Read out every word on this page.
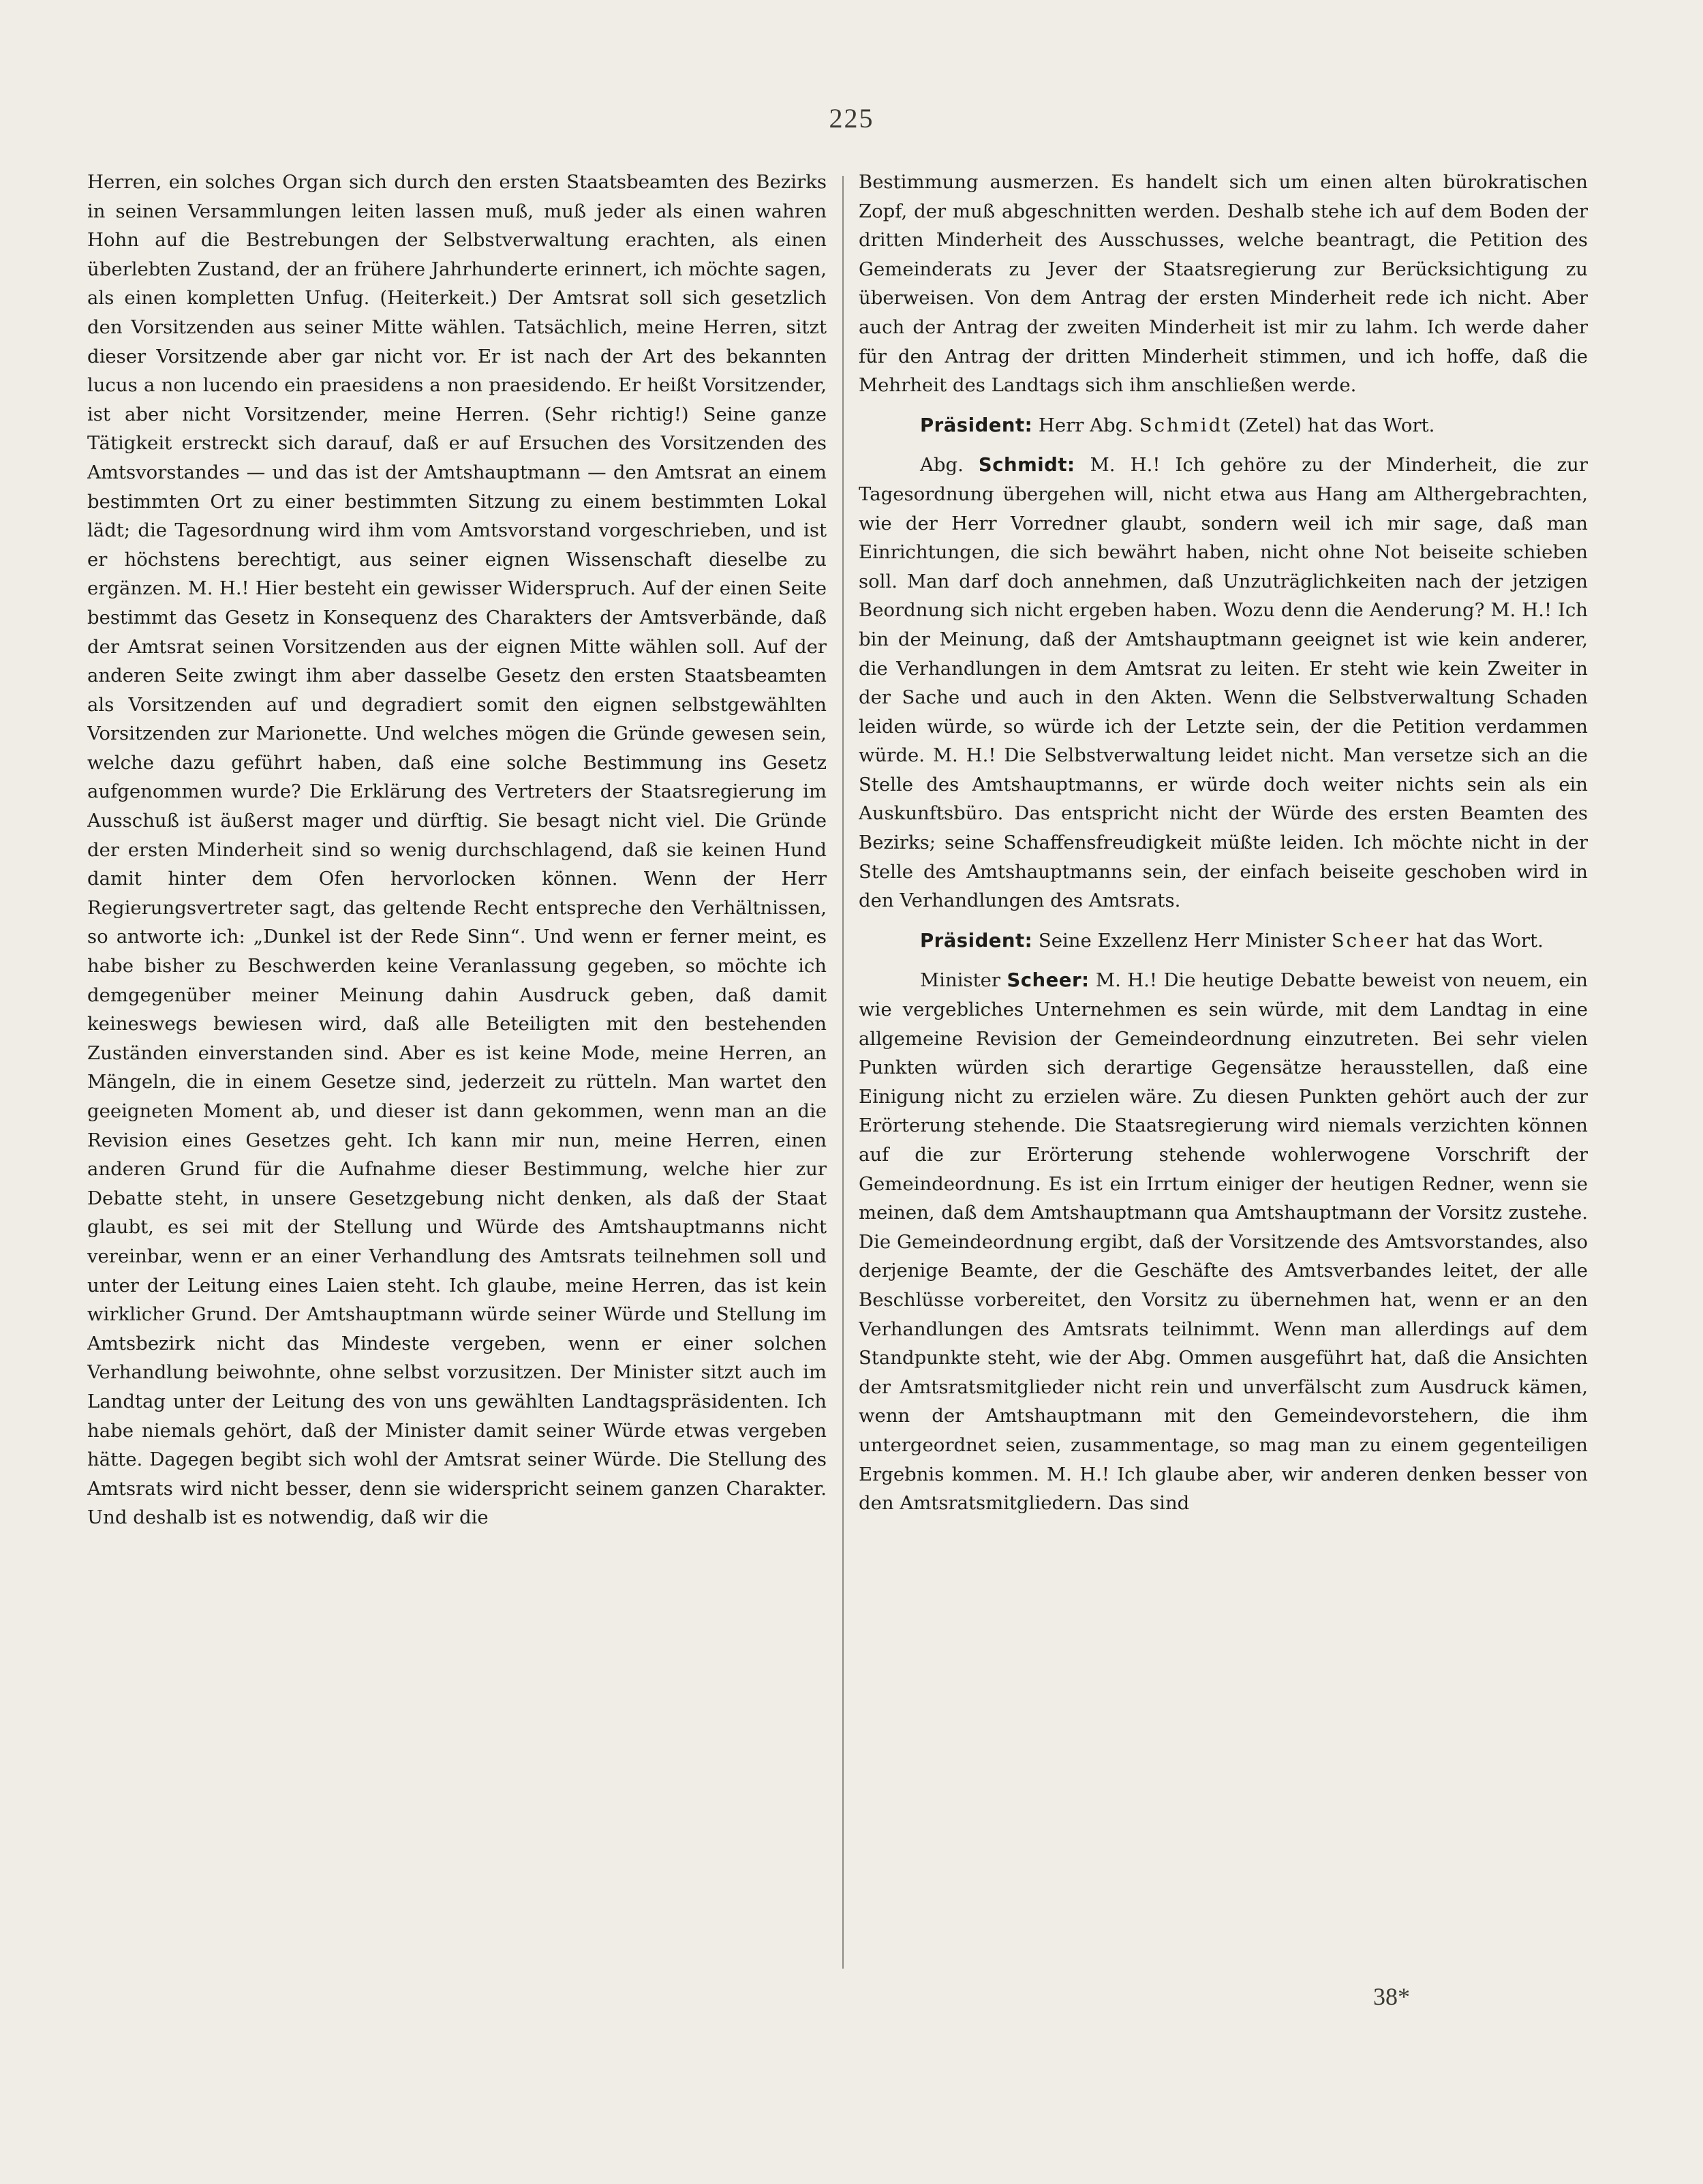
225

Herren, ein solches Organ sich durch den ersten Staatsbeamten des Bezirks in seinen Versammlungen leiten lassen muß, muß jeder als einen wahren Hohn auf die Bestrebungen der Selbstverwaltung erachten, als einen überlebten Zustand, der an frühere Jahrhunderte erinnert, ich möchte sagen, als einen kompletten Unfug. (Heiterkeit.) Der Amtsrat soll sich gesetzlich den Vorsitzenden aus seiner Mitte wählen. Tatsächlich, meine Herren, sitzt dieser Vorsitzende aber gar nicht vor. Er ist nach der Art des bekannten lucus a non lucendo ein praesidens a non praesidendo. Er heißt Vorsitzender, ist aber nicht Vorsitzender, meine Herren. (Sehr richtig!) Seine ganze Tätigkeit erstreckt sich darauf, daß er auf Ersuchen des Vorsitzenden des Amtsvorstandes — und das ist der Amtshauptmann — den Amtsrat an einem bestimmten Ort zu einer bestimmten Sitzung zu einem bestimmten Lokal lädt; die Tagesordnung wird ihm vom Amtsvorstand vorgeschrieben, und ist er höchstens berechtigt, aus seiner eignen Wissenschaft dieselbe zu ergänzen. M. H.! Hier besteht ein gewisser Widerspruch. Auf der einen Seite bestimmt das Gesetz in Konsequenz des Charakters der Amtsverbände, daß der Amtsrat seinen Vorsitzenden aus der eignen Mitte wählen soll. Auf der anderen Seite zwingt ihm aber dasselbe Gesetz den ersten Staatsbeamten als Vorsitzenden auf und degradiert somit den eignen selbstgewählten Vorsitzenden zur Marionette. Und welches mögen die Gründe gewesen sein, welche dazu geführt haben, daß eine solche Bestimmung ins Gesetz aufgenommen wurde? Die Erklärung des Vertreters der Staatsregierung im Ausschuß ist äußerst mager und dürftig. Sie besagt nicht viel. Die Gründe der ersten Minderheit sind so wenig durchschlagend, daß sie keinen Hund damit hinter dem Ofen hervorlocken können. Wenn der Herr Regierungsvertreter sagt, das geltende Recht entspreche den Verhältnissen, so antworte ich: „Dunkel ist der Rede Sinn“. Und wenn er ferner meint, es habe bisher zu Beschwerden keine Veranlassung gegeben, so möchte ich demgegenüber meiner Meinung dahin Ausdruck geben, daß damit keineswegs bewiesen wird, daß alle Beteiligten mit den bestehenden Zuständen einverstanden sind. Aber es ist keine Mode, meine Herren, an Mängeln, die in einem Gesetze sind, jederzeit zu rütteln. Man wartet den geeigneten Moment ab, und dieser ist dann gekommen, wenn man an die Revision eines Gesetzes geht. Ich kann mir nun, meine Herren, einen anderen Grund für die Aufnahme dieser Bestimmung, welche hier zur Debatte steht, in unsere Gesetzgebung nicht denken, als daß der Staat glaubt, es sei mit der Stellung und Würde des Amtshauptmanns nicht vereinbar, wenn er an einer Verhandlung des Amtsrats teilnehmen soll und unter der Leitung eines Laien steht. Ich glaube, meine Herren, das ist kein wirklicher Grund. Der Amtshauptmann würde seiner Würde und Stellung im Amtsbezirk nicht das Mindeste vergeben, wenn er einer solchen Verhandlung beiwohnte, ohne selbst vorzusitzen. Der Minister sitzt auch im Landtag unter der Leitung des von uns gewählten Landtagspräsidenten. Ich habe niemals gehört, daß der Minister damit seiner Würde etwas vergeben hätte. Dagegen begibt sich wohl der Amtsrat seiner Würde. Die Stellung des Amtsrats wird nicht besser, denn sie widerspricht seinem ganzen Charakter. Und deshalb ist es notwendig, daß wir die

Bestimmung ausmerzen. Es handelt sich um einen alten bürokratischen Zopf, der muß abgeschnitten werden. Deshalb stehe ich auf dem Boden der dritten Minderheit des Ausschusses, welche beantragt, die Petition des Gemeinderats zu Jever der Staatsregierung zur Berücksichtigung zu überweisen. Von dem Antrag der ersten Minderheit rede ich nicht. Aber auch der Antrag der zweiten Minderheit ist mir zu lahm. Ich werde daher für den Antrag der dritten Minderheit stimmen, und ich hoffe, daß die Mehrheit des Landtags sich ihm anschließen werde.

Präsident: Herr Abg. Schmidt (Zetel) hat das Wort.

Abg. Schmidt: M. H.! Ich gehöre zu der Minderheit, die zur Tagesordnung übergehen will, nicht etwa aus Hang am Althergebrachten, wie der Herr Vorredner glaubt, sondern weil ich mir sage, daß man Einrichtungen, die sich bewährt haben, nicht ohne Not beiseite schieben soll. Man darf doch annehmen, daß Unzuträglichkeiten nach der jetzigen Beordnung sich nicht ergeben haben. Wozu denn die Aenderung? M. H.! Ich bin der Meinung, daß der Amtshauptmann geeignet ist wie kein anderer, die Verhandlungen in dem Amtsrat zu leiten. Er steht wie kein Zweiter in der Sache und auch in den Akten. Wenn die Selbstverwaltung Schaden leiden würde, so würde ich der Letzte sein, der die Petition verdammen würde. M. H.! Die Selbstverwaltung leidet nicht. Man versetze sich an die Stelle des Amtshauptmanns, er würde doch weiter nichts sein als ein Auskunftsbüro. Das entspricht nicht der Würde des ersten Beamten des Bezirks; seine Schaffensfreudigkeit müßte leiden. Ich möchte nicht in der Stelle des Amtshauptmanns sein, der einfach beiseite geschoben wird in den Verhandlungen des Amtsrats.

Präsident: Seine Exzellenz Herr Minister Scheer hat das Wort.

Minister Scheer: M. H.! Die heutige Debatte beweist von neuem, ein wie vergebliches Unternehmen es sein würde, mit dem Landtag in eine allgemeine Revision der Gemeindeordnung einzutreten. Bei sehr vielen Punkten würden sich derartige Gegensätze herausstellen, daß eine Einigung nicht zu erzielen wäre. Zu diesen Punkten gehört auch der zur Erörterung stehende. Die Staatsregierung wird niemals verzichten können auf die zur Erörterung stehende wohlerwogene Vorschrift der Gemeindeordnung. Es ist ein Irrtum einiger der heutigen Redner, wenn sie meinen, daß dem Amtshauptmann qua Amtshauptmann der Vorsitz zustehe. Die Gemeindeordnung ergibt, daß der Vorsitzende des Amtsvorstandes, also derjenige Beamte, der die Geschäfte des Amtsverbandes leitet, der alle Beschlüsse vorbereitet, den Vorsitz zu übernehmen hat, wenn er an den Verhandlungen des Amtsrats teilnimmt. Wenn man allerdings auf dem Standpunkte steht, wie der Abg. Ommen ausgeführt hat, daß die Ansichten der Amtsratsmitglieder nicht rein und unverfälscht zum Ausdruck kämen, wenn der Amtshauptmann mit den Gemeindevorstehern, die ihm untergeordnet seien, zusammentage, so mag man zu einem gegenteiligen Ergebnis kommen. M. H.! Ich glaube aber, wir anderen denken besser von den Amtsratsmitgliedern. Das sind

38*
